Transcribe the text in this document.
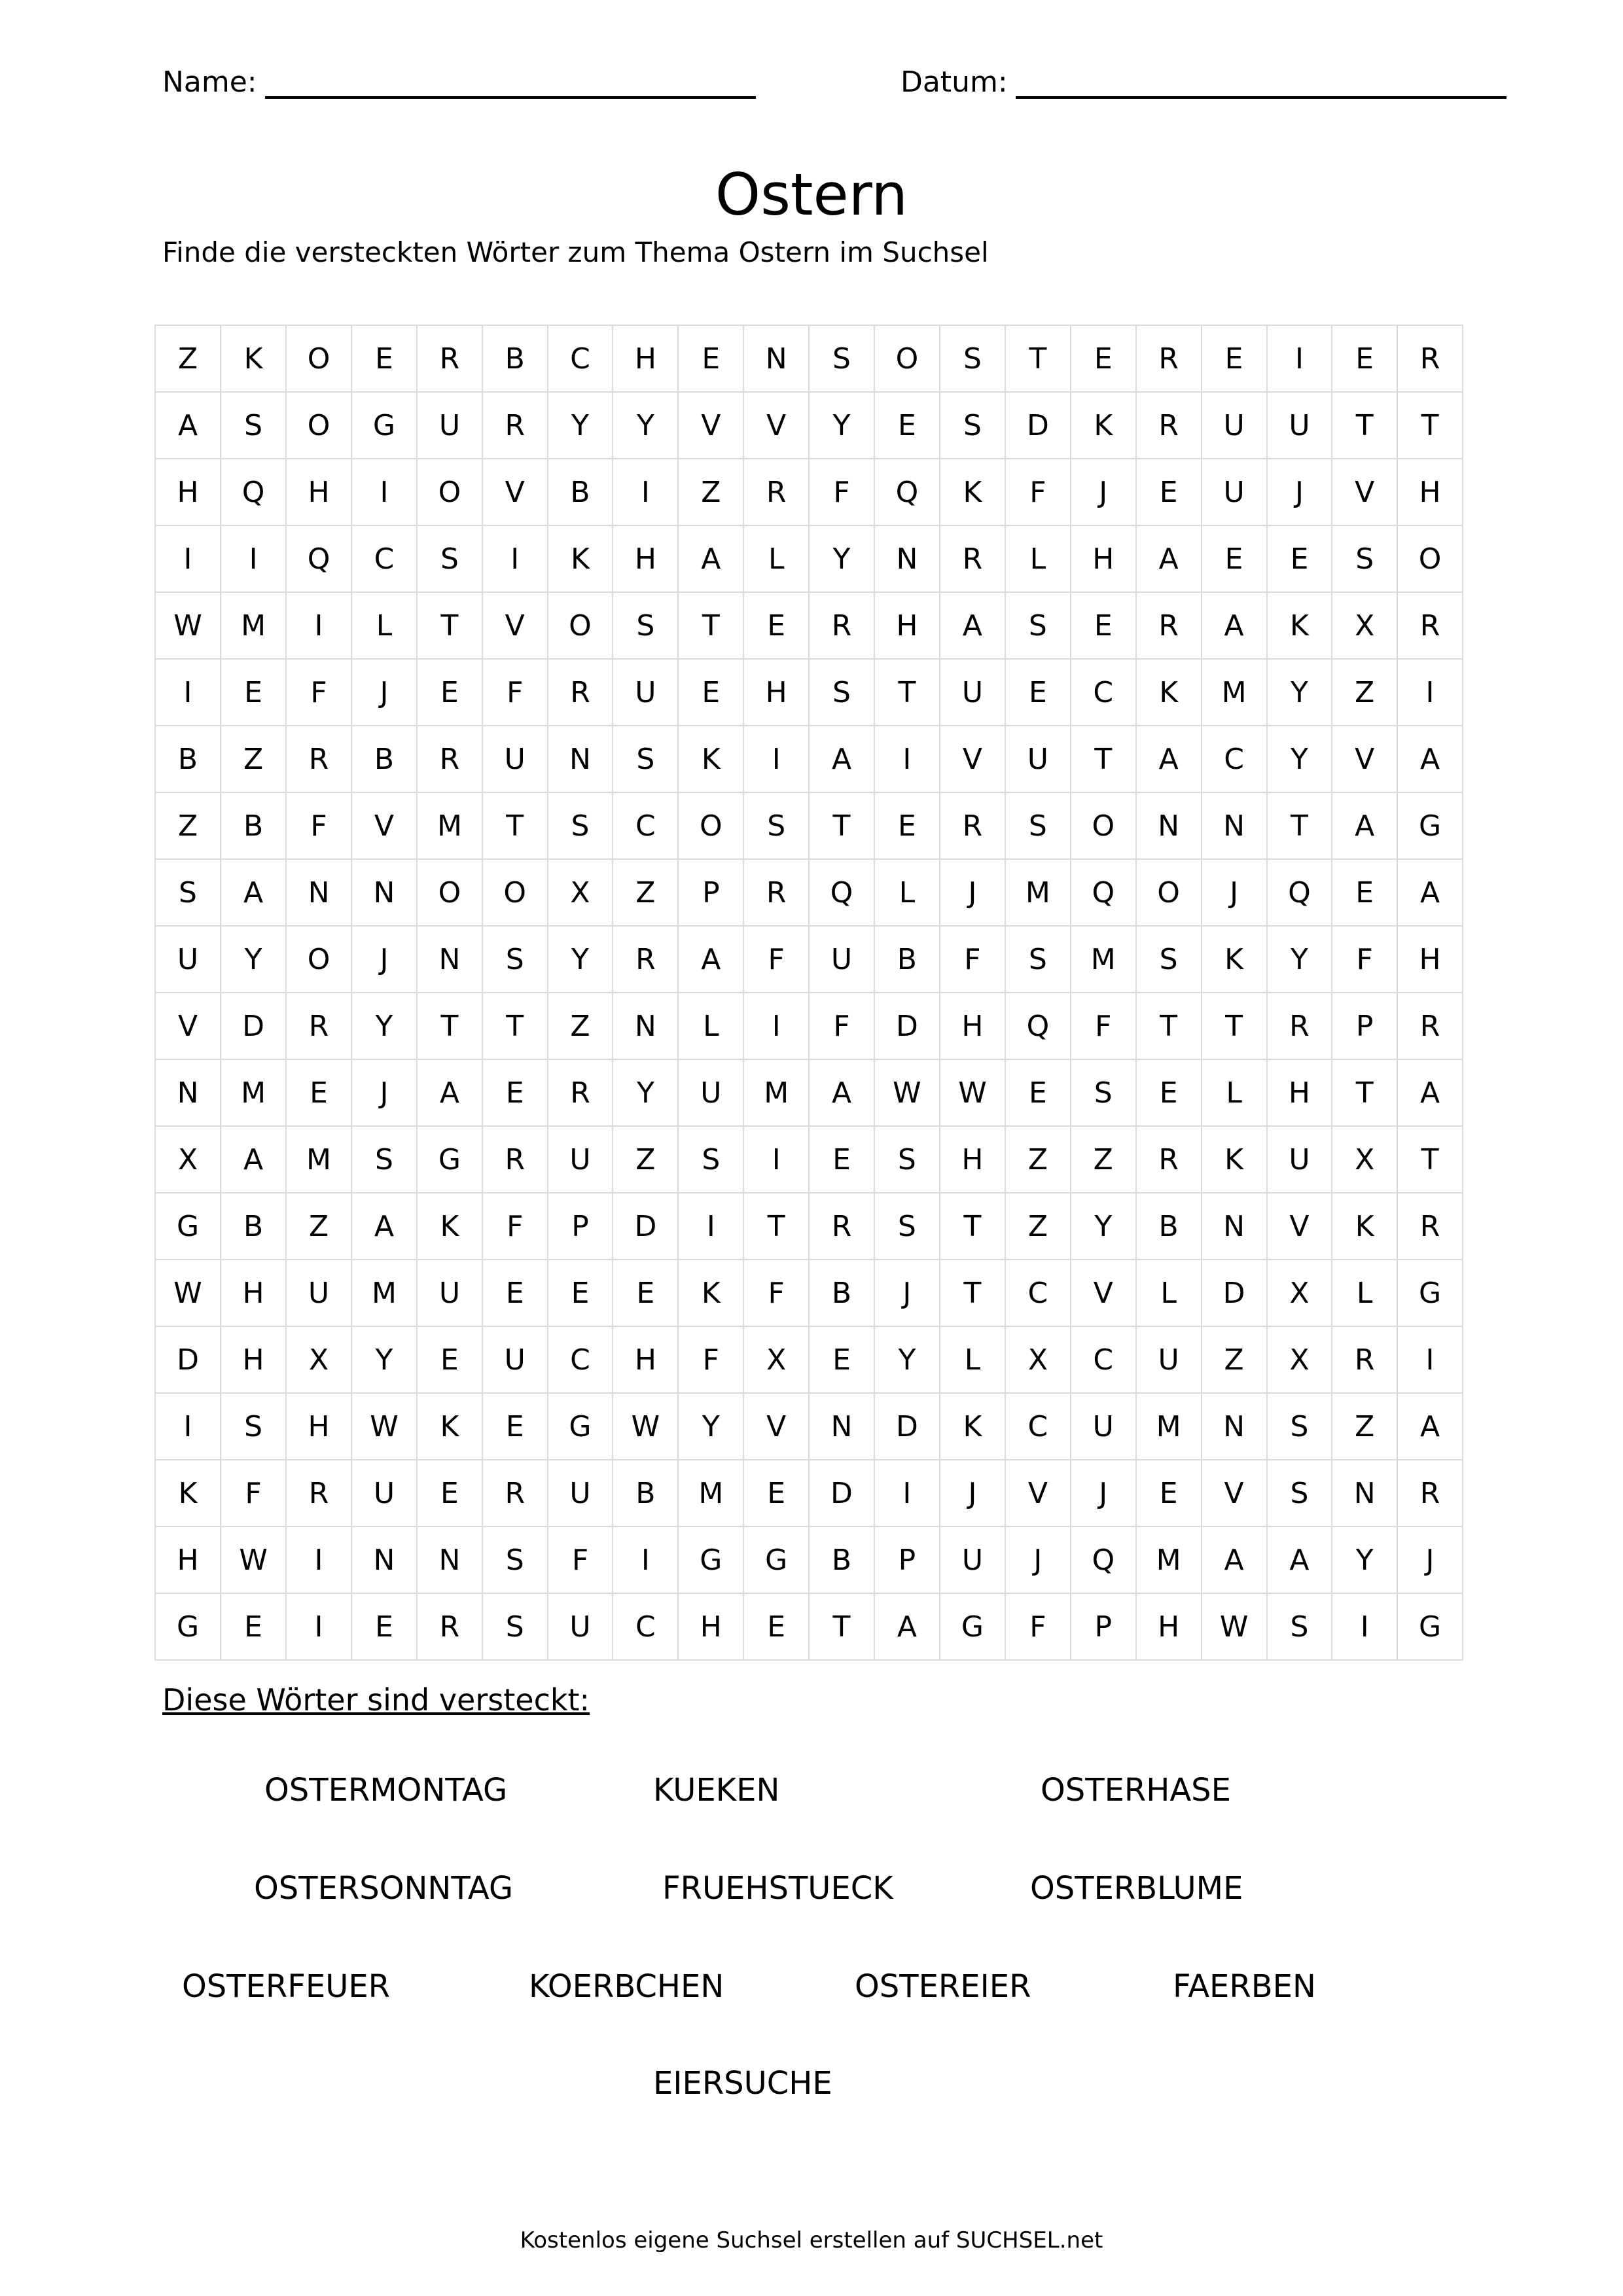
Name:	Datum:
Ostern
Finde die versteckten Wörter zum Thema Ostern im Suchsel
Z	K	O	E	R	B	C	H	E	N	S	O	S	T	E	R	E	I	E	R
A	S	O	G	U	R	Y	Y	V	V	Y	E	S	D	K	R	U	U	T	T
H	Q	H	I	O	V	B	I	Z	R	F	Q	K	F	J	E	U	J	V	H
I	I	Q	C	S	I	K	H	A	L	Y	N	R	L	H	A	E	E	S	O
W	M	I	L	T	V	O	S	T	E	R	H	A	S	E	R	A	K	X	R
I	E	F	J	E	F	R	U	E	H	S	T	U	E	C	K	M	Y	Z	I
B	Z	R	B	R	U	N	S	K	I	A	I	V	U	T	A	C	Y	V	A
Z	B	F	V	M	T	S	C	O	S	T	E	R	S	O	N	N	T	A	G
S	A	N	N	O	O	X	Z	P	R	Q	L	J	M	Q	O	J	Q	E	A
U	Y	O	J	N	S	Y	R	A	F	U	B	F	S	M	S	K	Y	F	H
V	D	R	Y	T	T	Z	N	L	I	F	D	H	Q	F	T	T	R	P	R
N	M	E	J	A	E	R	Y	U	M	A	W	W	E	S	E	L	H	T	A
X	A	M	S	G	R	U	Z	S	I	E	S	H	Z	Z	R	K	U	X	T
G	B	Z	A	K	F	P	D	I	T	R	S	T	Z	Y	B	N	V	K	R
W	H	U	M	U	E	E	E	K	F	B	J	T	C	V	L	D	X	L	G
D	H	X	Y	E	U	C	H	F	X	E	Y	L	X	C	U	Z	X	R	I
I	S	H	W	K	E	G	W	Y	V	N	D	K	C	U	M	N	S	Z	A
K	F	R	U	E	R	U	B	M	E	D	I	J	V	J	E	V	S	N	R
H	W	I	N	N	S	F	I	G	G	B	P	U	J	Q	M	A	A	Y	J
G	E	I	E	R	S	U	C	H	E	T	A	G	F	P	H	W	S	I	G
Diese Wörter sind versteckt:
OSTERMONTAG	KUEKEN	OSTERHASE
OSTERSONNTAG	FRUEHSTUECK	OSTERBLUME
OSTERFEUER	KOERBCHEN	OSTEREIER	FAERBEN
EIERSUCHE
Kostenlos eigene Suchsel erstellen auf SUCHSEL.net
